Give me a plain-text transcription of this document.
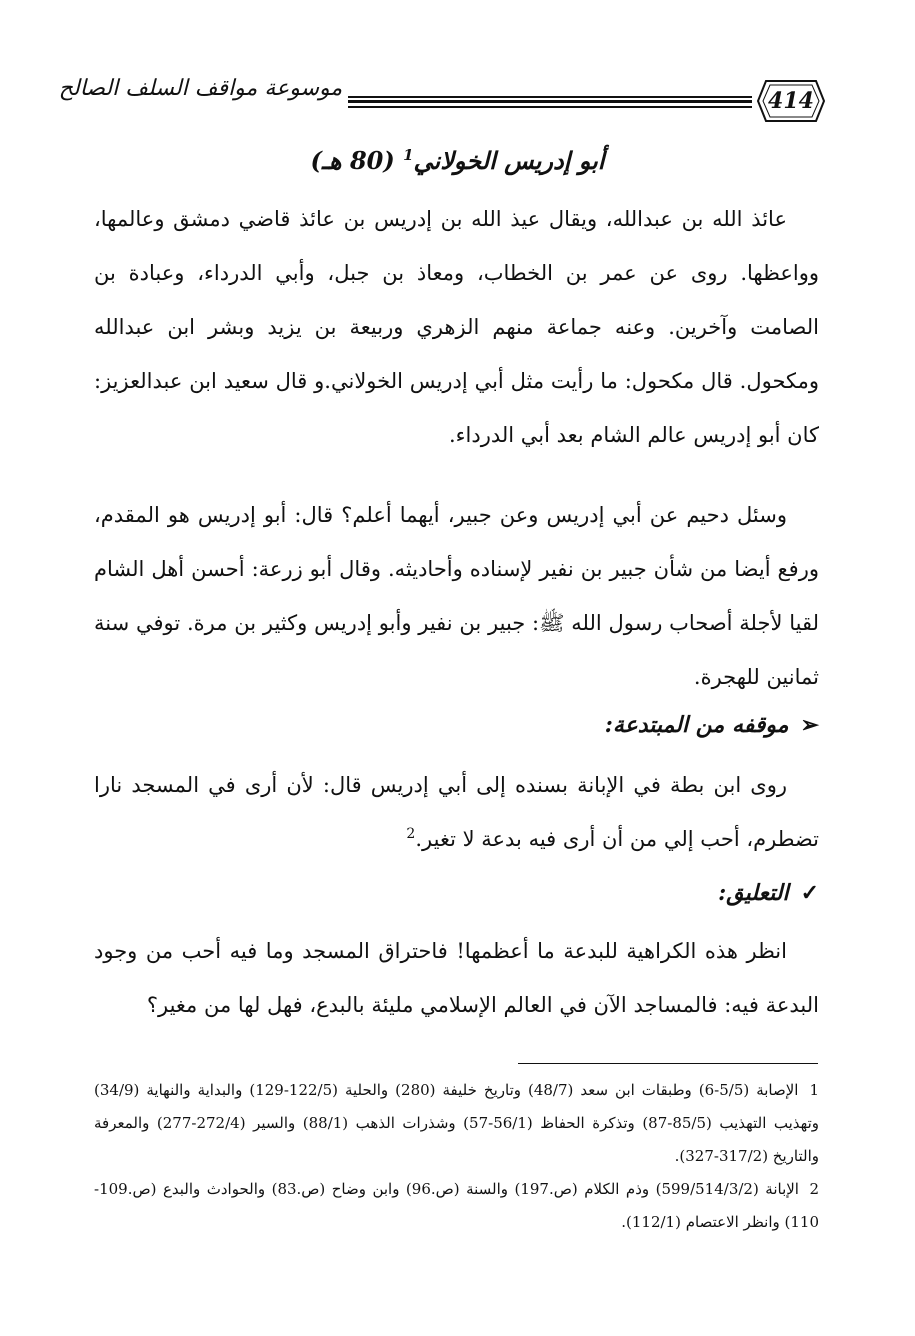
414
موسوعة مواقف السلف الصالح
أبو إدريس الخولاني$^1$ (80 هـ)
عائذ الله بن عبدالله، ويقال عيذ الله بن إدريس بن عائذ قاضي دمشق وعالمها، وواعظها. روى عن عمر بن الخطاب، ومعاذ بن جبل، وأبي الدرداء، وعبادة بن الصامت وآخرين. وعنه جماعة منهم الزهري وربيعة بن يزيد وبشر ابن عبدالله ومكحول. قال مكحول: ما رأيت مثل أبي إدريس الخولاني.و قال سعيد ابن عبدالعزيز: كان أبو إدريس عالم الشام بعد أبي الدرداء.
وسئل دحيم عن أبي إدريس وعن جبير، أيهما أعلم؟ قال: أبو إدريس هو المقدم، ورفع أيضا من شأن جبير بن نفير لإسناده وأحاديثه. وقال أبو زرعة: أحسن أهل الشام لقيا لأجلة أصحاب رسول الله ﷺ: جبير بن نفير وأبو إدريس وكثير بن مرة. توفي سنة ثمانين للهجرة.
➢موقفه من المبتدعة:
روى ابن بطة في الإبانة بسنده إلى أبي إدريس قال: لأن أرى في المسجد نارا تضطرم، أحب إلي من أن أرى فيه بدعة لا تغير.$^2$
✓التعليق:
انظر هذه الكراهية للبدعة ما أعظمها! فاحتراق المسجد وما فيه أحب من وجود البدعة فيه: فالمساجد الآن في العالم الإسلامي مليئة بالبدع، فهل لها من مغير؟

1 الإصابة (5/5-6) وطبقات ابن سعد (48/7) وتاريخ خليفة (280) والحلية (122/5-129) والبداية والنهاية (34/9) وتهذيب التهذيب (85/5-87) وتذكرة الحفاظ (56/1-57) وشذرات الذهب (88/1) والسير (272/4-277) والمعرفة والتاريخ (317/2-327).

2 الإبانة (599/514/3/2) وذم الكلام (ص.197) والسنة (ص.96) وابن وضاح (ص.83) والحوادث والبدع (ص.109-110) وانظر الاعتصام (112/1).
